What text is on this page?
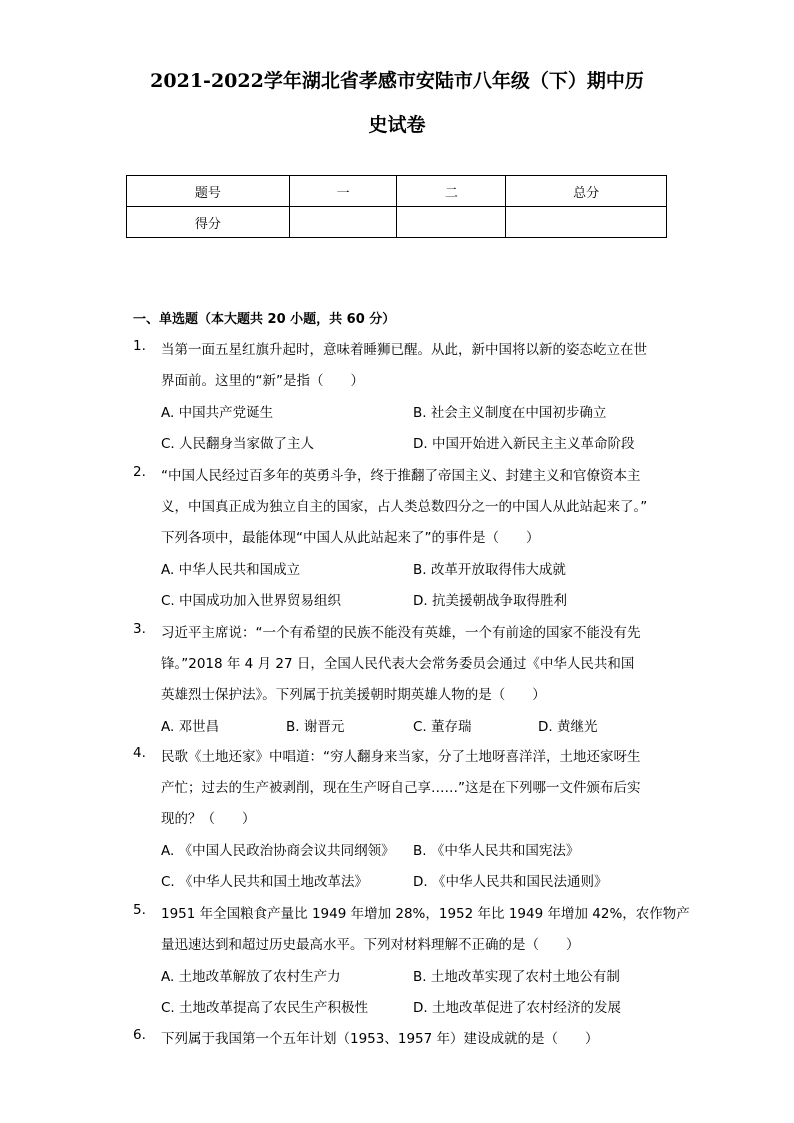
2021-2022学年湖北省孝感市安陆市八年级（下）期中历
史试卷
题号	一	二	总分
得分			
一、单选题（本大题共 20 小题，共 60 分）
1. 当第一面五星红旗升起时，意味着睡狮已醒。从此，新中国将以新的姿态屹立在世
界面前。这里的“新”是指（　　）
A. 中国共产党诞生	B. 社会主义制度在中国初步确立
C. 人民翻身当家做了主人	D. 中国开始进入新民主主义革命阶段
2. “中国人民经过百多年的英勇斗争，终于推翻了帝国主义、封建主义和官僚资本主
义，中国真正成为独立自主的国家，占人类总数四分之一的中国人从此站起来了。”
下列各项中，最能体现“中国人从此站起来了”的事件是（　　）
A. 中华人民共和国成立	B. 改革开放取得伟大成就
C. 中国成功加入世界贸易组织	D. 抗美援朝战争取得胜利
3. 习近平主席说：“一个有希望的民族不能没有英雄，一个有前途的国家不能没有先
锋。”2018 年 4 月 27 日，全国人民代表大会常务委员会通过《中华人民共和国
英雄烈士保护法》。下列属于抗美援朝时期英雄人物的是（　　）
A. 邓世昌	B. 谢晋元	C. 董存瑞	D. 黄继光
4. 民歌《土地还家》中唱道：“穷人翻身来当家，分了土地呀喜洋洋，土地还家呀生
产忙；过去的生产被剥削，现在生产呀自己享……”这是在下列哪一文件颁布后实
现的？（　　）
A. 《中国人民政治协商会议共同纲领》 B. 《中华人民共和国宪法》
C. 《中华人民共和国土地改革法》	D. 《中华人民共和国民法通则》
5. 1951 年全国粮食产量比 1949 年增加 28%，1952 年比 1949 年增加 42%，农作物产
量迅速达到和超过历史最高水平。下列对材料理解不正确的是（　　）
A. 土地改革解放了农村生产力	B. 土地改革实现了农村土地公有制
C. 土地改革提高了农民生产积极性	D. 土地改革促进了农村经济的发展
6. 下列属于我国第一个五年计划（1953、1957 年）建设成就的是（　　）
